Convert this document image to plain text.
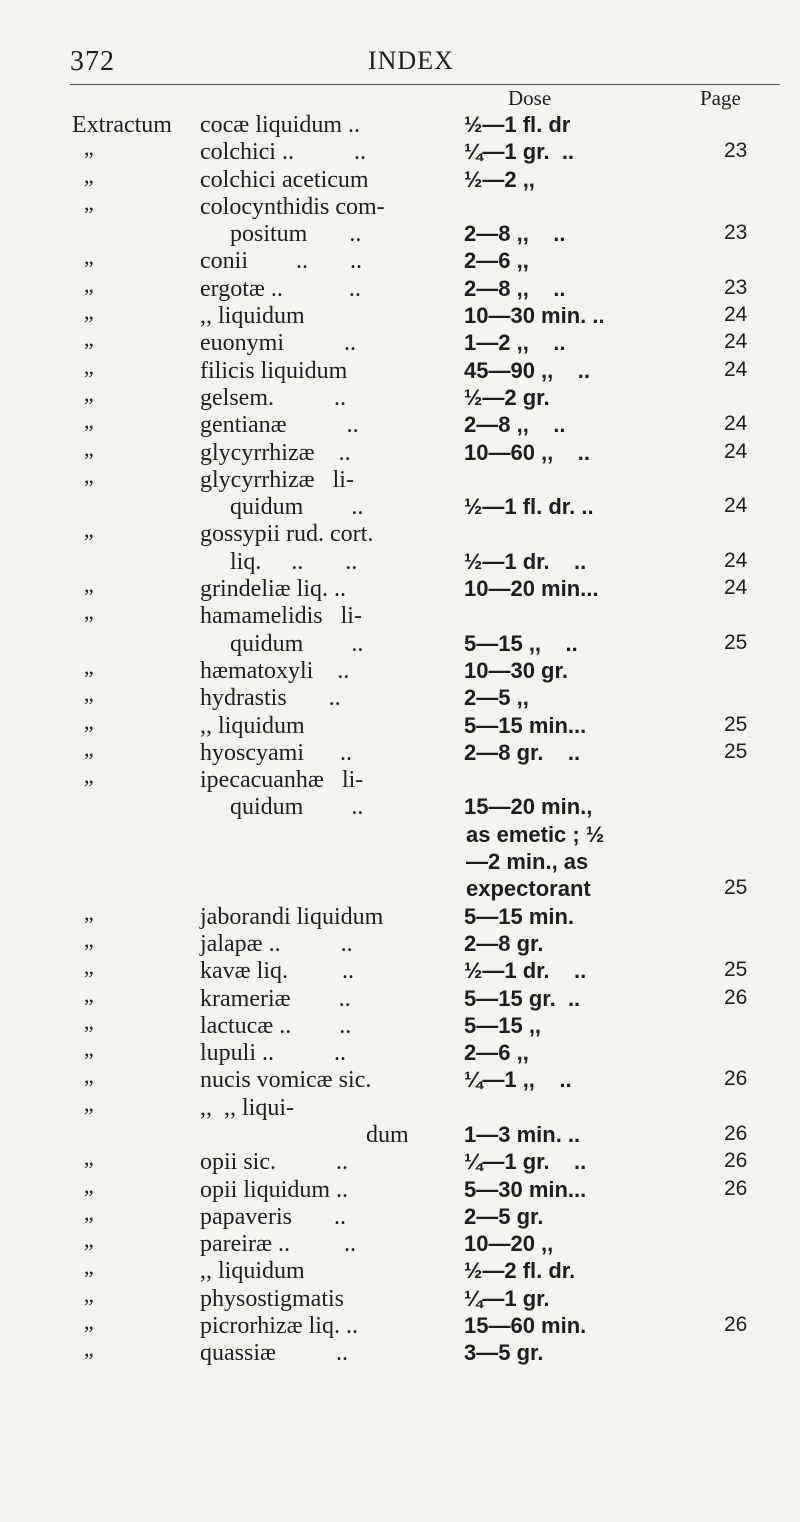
372	INDEX
Dose	Page
Extractum cocæ liquidum ..	½—1 fl. dr
,,	colchici ..          ..	¼—1 gr.  ..	23
,,	colchici aceticum	½—2 ,,
,,	colocynthidis com-
positum       ..	2—8 ,,    ..	23
,,	conii        ..       ..	2—6 ,,
,,	ergotæ ..           ..	2—8 ,,    ..	23
,,	,, liquidum	10—30 min. ..	24
,,	euonymi          ..	1—2 ,,    ..	24
,,	filicis liquidum	45—90 ,,    ..	24
,,	gelsem.          ..	½—2 gr.
,,	gentianæ          ..	2—8 ,,    ..	24
,,	glycyrrhizæ    ..	10—60 ,,    ..	24
,,	glycyrrhizæ   li-
quidum        ..	½—1 fl. dr. ..	24
,,	gossypii rud. cort.
liq.     ..       ..	½—1 dr.    ..	24
,,	grindeliæ liq. ..	10—20 min...	24
,,	hamamelidis   li-
quidum        ..	5—15 ,,    ..	25
,,	hæmatoxyli    ..	10—30 gr.
,,	hydrastis       ..	2—5 ,,
,,	,, liquidum	5—15 min...	25
,,	hyoscyami      ..	2—8 gr.    ..	25
,,	ipecacuanhæ   li-
quidum        ..	15—20 min.,
as emetic ; ½
—2 min., as
expectorant	25
,,	jaborandi liquidum	5—15 min.
,,	jalapæ ..          ..	2—8 gr.
,,	kavæ liq.         ..	½—1 dr.    ..	25
,,	krameriæ        ..	5—15 gr.  ..	26
,,	lactucæ ..        ..	5—15 ,,
,,	lupuli ..          ..	2—6 ,,
,,	nucis vomicæ sic.	¼—1 ,,    ..	26
,,	,,  ,, liqui-
dum	1—3 min. ..	26
,,	opii sic.          ..	¼—1 gr.    ..	26
,,	opii liquidum ..	5—30 min...	26
,,	papaveris       ..	2—5 gr.
,,	pareiræ ..         ..	10—20 ,,
,,	,, liquidum	½—2 fl. dr.
,,	physostigmatis	¼—1 gr.
,,	picrorhizæ liq. ..	15—60 min.	26
,,	quassiæ          ..	3—5 gr.
